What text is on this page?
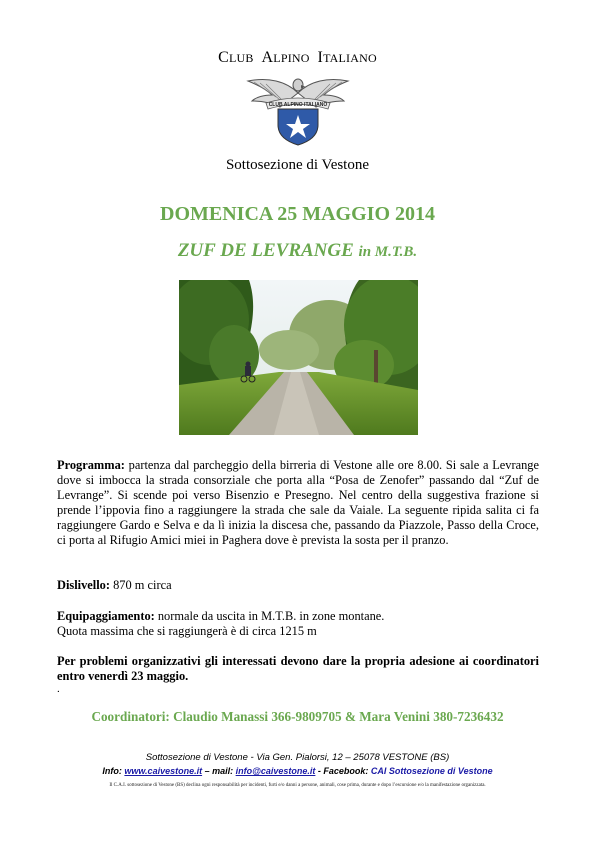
CLUB ALPINO ITALIANO
CLUB ALPINO ITALIANO
Sottosezione di Vestone
DOMENICA 25 MAGGIO 2014
ZUF DE LEVRANGE in M.T.B.
Programma: partenza dal parcheggio della birreria di Vestone alle ore 8.00. Si sale a Levrange dove si imbocca la strada consorziale che porta alla “Posa de Zenofer” passando dal “Zuf de Levrange”. Si scende poi verso Bisenzio e Presegno. Nel centro della suggestiva frazione si prende l’ippovia fino a raggiungere la strada che sale da Vaiale. La seguente ripida salita ci fa raggiungere Gardo e Selva e da lì inizia la discesa che, passando da Piazzole, Passo della Croce, ci porta al Rifugio Amici miei in Paghera dove è prevista la sosta per il pranzo.
Dislivello: 870 m circa
Equipaggiamento: normale da uscita in M.T.B. in zone montane.
Quota massima che si raggiungerà è di circa 1215 m
Per problemi organizzativi gli interessati devono dare la propria adesione ai coordinatori entro venerdì 23 maggio.
.
Coordinatori: Claudio Manassi 366-9809705 & Mara Venini 380-7236432
Sottosezione di Vestone - Via Gen. Pialorsi, 12 – 25078 VESTONE (BS)
Info: www.caivestone.it – mail: info@caivestone.it - Facebook: CAI Sottosezione di Vestone
Il C.A.I. sottosezione di Vestone (BS) declina ogni responsabilità per incidenti, furti e/o danni a persone, animali, cose prima, durante e dopo l’escursione e/o la manifestazione organizzata.
